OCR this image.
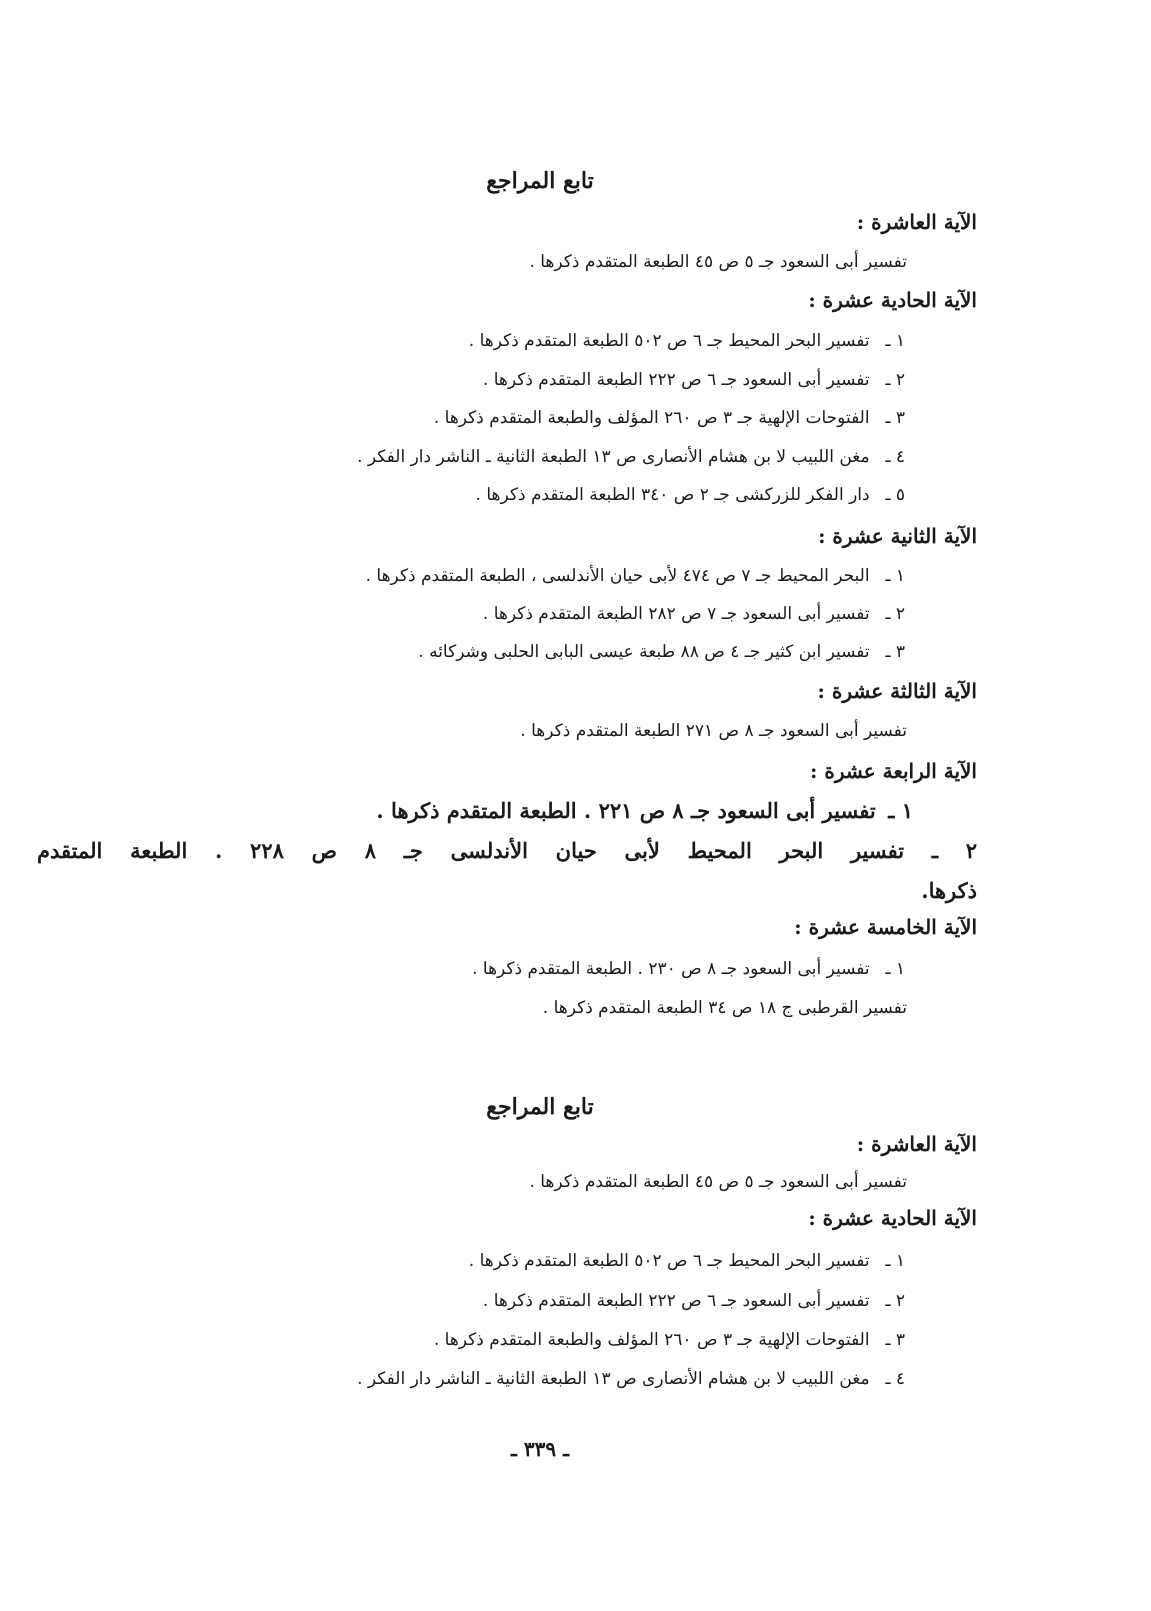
تابع المراجع
الآية العاشرة :
تفسير أبى السعود جـ ٥ ص ٤٥ الطبعة المتقدم ذكرها .
الآية الحادية عشرة :
١ ـ تفسير البحر المحيط جـ ٦ ص ٥٠٢ الطبعة المتقدم ذكرها .
٢ ـ تفسير أبى السعود جـ ٦ ص ٢٢٢ الطبعة المتقدم ذكرها .
٣ ـ الفتوحات الإلهية جـ ٣ ص ٢٦٠ المؤلف والطبعة المتقدم ذكرها .
٤ ـ مغن اللبيب لا بن هشام الأنصارى ص ١٣ الطبعة الثانية ـ الناشر دار الفكر .
٥ ـ دار الفكر للزركشى جـ ٢ ص ٣٤٠ الطبعة المتقدم ذكرها .
الآية الثانية عشرة :
١ ـ البحر المحيط جـ ٧ ص ٤٧٤ لأبى حيان الأندلسى ، الطبعة المتقدم ذكرها .
٢ ـ تفسير أبى السعود جـ ٧ ص ٢٨٢ الطبعة المتقدم ذكرها .
٣ ـ تفسير ابن كثير جـ ٤ ص ٨٨ طبعة عيسى البابى الحلبى وشركائه .
الآية الثالثة عشرة :
تفسير أبى السعود جـ ٨ ص ٢٧١ الطبعة المتقدم ذكرها .
الآية الرابعة عشرة :
١ ـ تفسير أبى السعود جـ ٨ ص ٢٢١ . الطبعة المتقدم ذكرها .
٢ ـ تفسير البحر المحيط لأبى حيان الأندلسى جـ ٨ ص ٢٢٨ . الطبعة المتقدم
ذكرها.
الآية الخامسة عشرة :
١ ـ تفسير أبى السعود جـ ٨ ص ٢٣٠ . الطبعة المتقدم ذكرها .
تفسير القرطبى ج ١٨ ص ٣٤ الطبعة المتقدم ذكرها .
تابع المراجع
الآية العاشرة :
تفسير أبى السعود جـ ٥ ص ٤٥ الطبعة المتقدم ذكرها .
الآية الحادية عشرة :
١ ـ تفسير البحر المحيط جـ ٦ ص ٥٠٢ الطبعة المتقدم ذكرها .
٢ ـ تفسير أبى السعود جـ ٦ ص ٢٢٢ الطبعة المتقدم ذكرها .
٣ ـ الفتوحات الإلهية جـ ٣ ص ٢٦٠ المؤلف والطبعة المتقدم ذكرها .
٤ ـ مغن اللبيب لا بن هشام الأنصارى ص ١٣ الطبعة الثانية ـ الناشر دار الفكر .
ـ ٣٣٩ ـ
